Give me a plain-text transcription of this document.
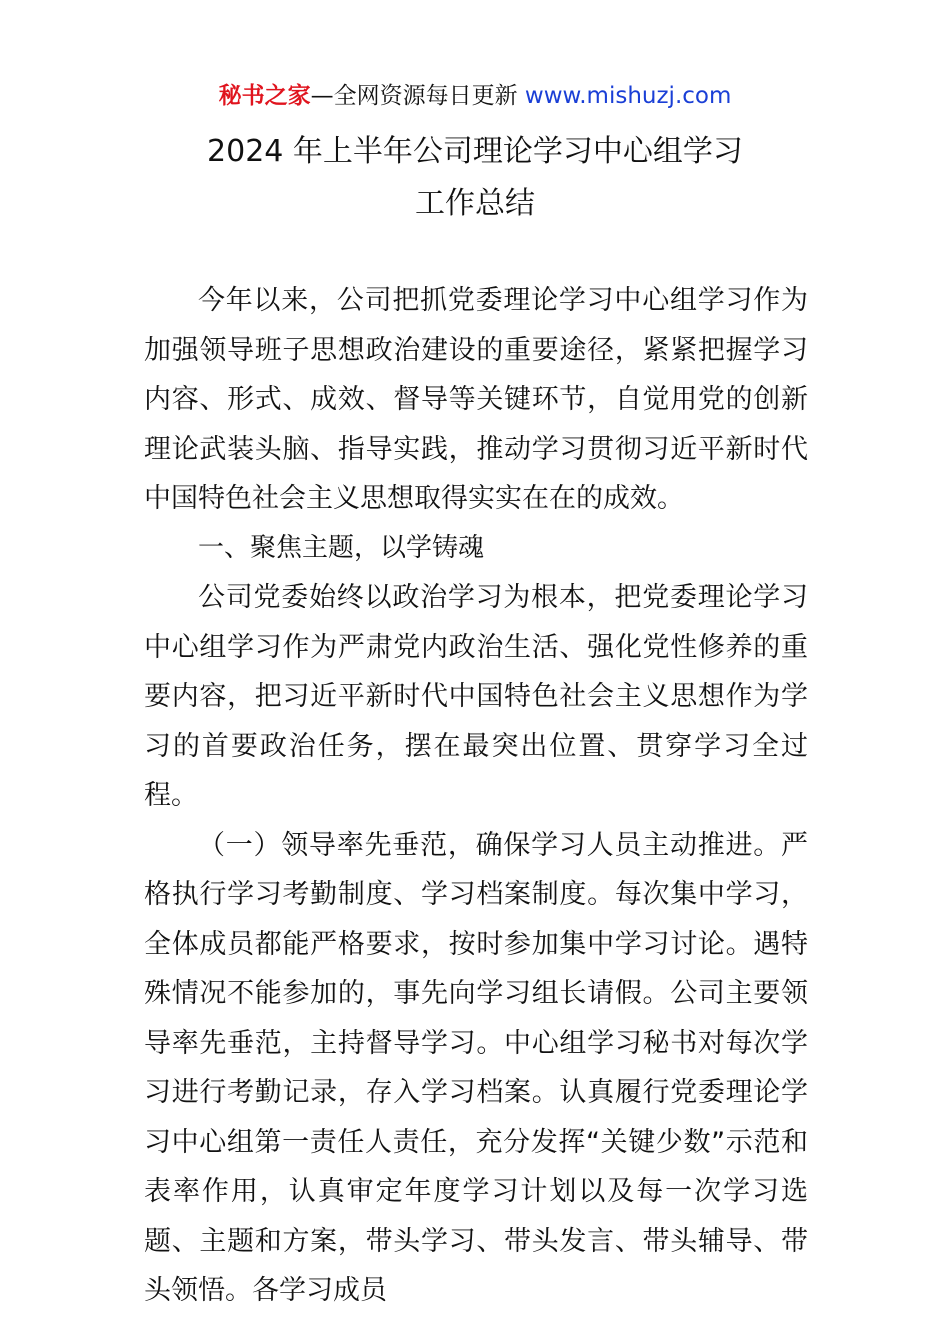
秘书之家—全网资源每日更新 www.mishuzj.com
2024 年上半年公司理论学习中心组学习
工作总结

今年以来，公司把抓党委理论学习中心组学习作为加强领导班子思想政治建设的重要途径，紧紧把握学习内容、形式、成效、督导等关键环节，自觉用党的创新理论武装头脑、指导实践，推动学习贯彻习近平新时代中国特色社会主义思想取得实实在在的成效。

一、聚焦主题，以学铸魂

公司党委始终以政治学习为根本，把党委理论学习中心组学习作为严肃党内政治生活、强化党性修养的重要内容，把习近平新时代中国特色社会主义思想作为学习的首要政治任务，摆在最突出位置、贯穿学习全过程。

（一）领导率先垂范，确保学习人员主动推进。严格执行学习考勤制度、学习档案制度。每次集中学习，全体成员都能严格要求，按时参加集中学习讨论。遇特殊情况不能参加的，事先向学习组长请假。公司主要领导率先垂范，主持督导学习。中心组学习秘书对每次学习进行考勤记录，存入学习档案。认真履行党委理论学习中心组第一责任人责任，充分发挥“关键少数”示范和表率作用，认真审定年度学习计划以及每一次学习选题、主题和方案，带头学习、带头发言、带头辅导、带头领悟。各学习成员
